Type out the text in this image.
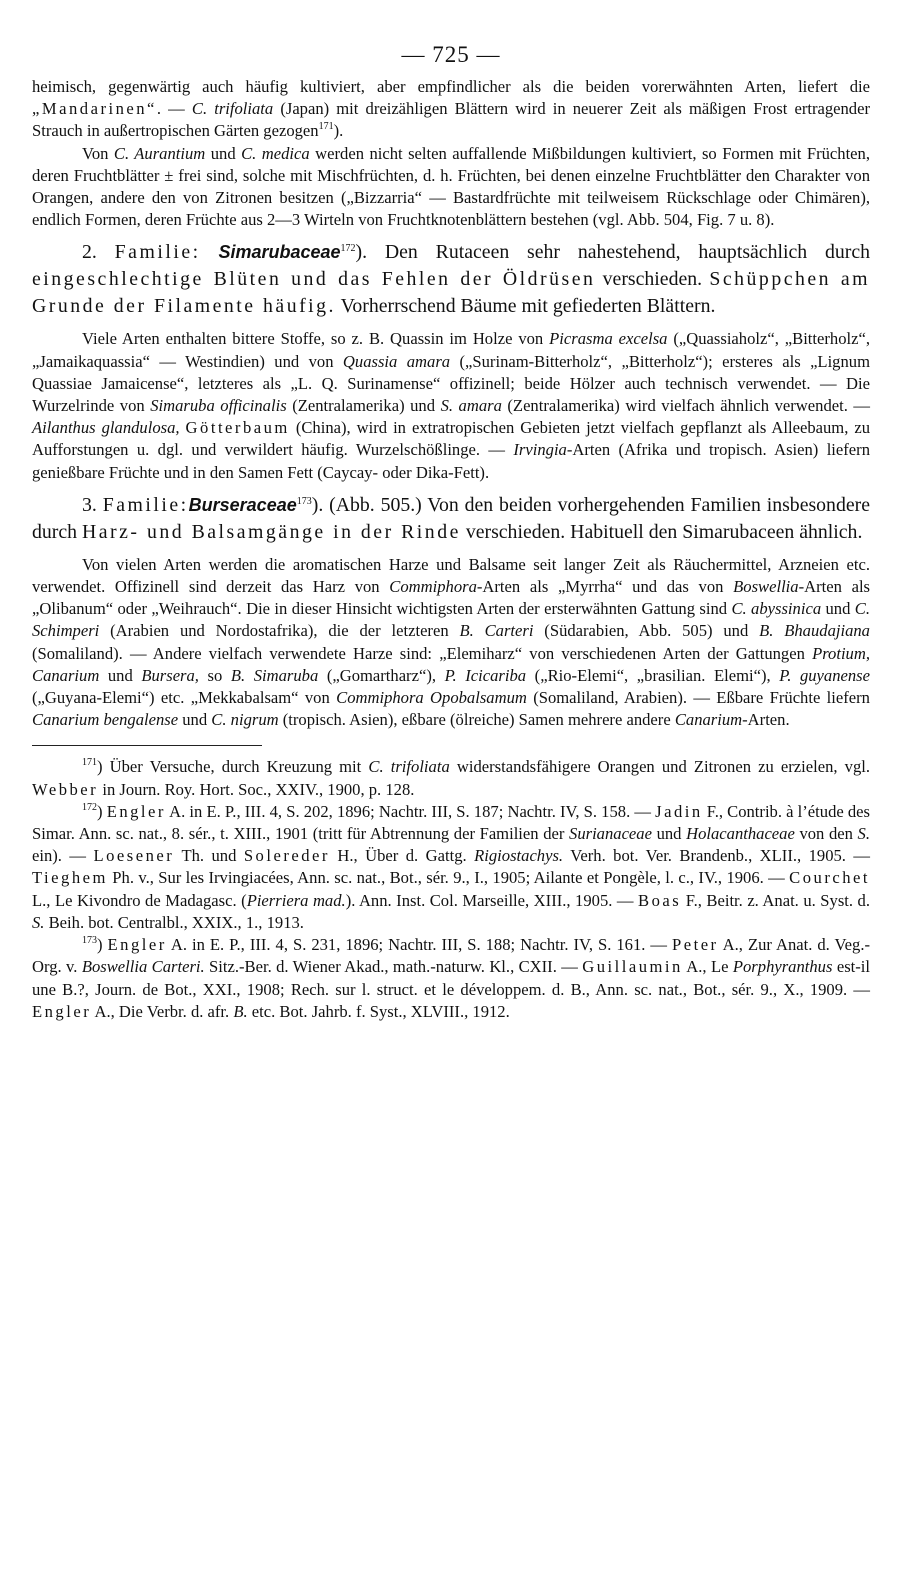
— 725 —

heimisch, gegenwärtig auch häufig kultiviert, aber empfindlicher als die beiden vorerwähnten Arten, liefert die „Mandarinen“. — C. trifoliata (Japan) mit dreizähligen Blättern wird in neuerer Zeit als mäßigen Frost ertragender Strauch in außertropischen Gärten gezogen$^{171}$).

Von C. Aurantium und C. medica werden nicht selten auffallende Mißbildungen kultiviert, so Formen mit Früchten, deren Fruchtblätter ± frei sind, solche mit Mischfrüchten, d. h. Früchten, bei denen einzelne Fruchtblätter den Charakter von Orangen, andere den von Zitronen besitzen („Bizzarria“ — Bastardfrüchte mit teilweisem Rückschlage oder Chimären), endlich Formen, deren Früchte aus 2—3 Wirteln von Fruchtknotenblättern bestehen (vgl. Abb. 504, Fig. 7 u. 8).

2. Familie: Simarubaceae$^{172}$). Den Rutaceen sehr nahestehend, hauptsächlich durch eingeschlechtige Blüten und das Fehlen der Öldrüsen verschieden. Schüppchen am Grunde der Filamente häufig. Vorherrschend Bäume mit gefiederten Blättern.

Viele Arten enthalten bittere Stoffe, so z. B. Quassin im Holze von Picrasma excelsa („Quassiaholz“, „Bitterholz“, „Jamaikaquassia“ — Westindien) und von Quassia amara („Surinam-Bitterholz“, „Bitterholz“); ersteres als „Lignum Quassiae Jamaicense“, letzteres als „L. Q. Surinamense“ offizinell; beide Hölzer auch technisch verwendet. — Die Wurzelrinde von Simaruba officinalis (Zentralamerika) und S. amara (Zentralamerika) wird vielfach ähnlich verwendet. — Ailanthus glandulosa, Götterbaum (China), wird in extratropischen Gebieten jetzt vielfach gepflanzt als Alleebaum, zu Aufforstungen u. dgl. und verwildert häufig. Wurzelschößlinge. — Irvingia-Arten (Afrika und tropisch. Asien) liefern genießbare Früchte und in den Samen Fett (Caycay- oder Dika-Fett).

3. Familie:Burseraceae$^{173}$). (Abb. 505.) Von den beiden vorhergehenden Familien insbesondere durch Harz- und Balsamgänge in der Rinde verschieden. Habituell den Simarubaceen ähnlich.

Von vielen Arten werden die aromatischen Harze und Balsame seit langer Zeit als Räuchermittel, Arzneien etc. verwendet. Offizinell sind derzeit das Harz von Commiphora-Arten als „Myrrha“ und das von Boswellia-Arten als „Olibanum“ oder „Weihrauch“. Die in dieser Hinsicht wichtigsten Arten der ersterwähnten Gattung sind C. abyssinica und C. Schimperi (Arabien und Nordostafrika), die der letzteren B. Carteri (Südarabien, Abb. 505) und B. Bhaudajiana (Somaliland). — Andere vielfach verwendete Harze sind: „Elemiharz“ von verschiedenen Arten der Gattungen Protium, Canarium und Bursera, so B. Simaruba („Gomartharz“), P. Icicariba („Rio-Elemi“, „brasilian. Elemi“), P. guyanense („Guyana-Elemi“) etc. „Mekkabalsam“ von Commiphora Opobalsamum (Somaliland, Arabien). — Eßbare Früchte liefern Canarium bengalense und C. nigrum (tropisch. Asien), eßbare (ölreiche) Samen mehrere andere Canarium-Arten.

$^{171}$) Über Versuche, durch Kreuzung mit C. trifoliata widerstandsfähigere Orangen und Zitronen zu erzielen, vgl. Webber in Journ. Roy. Hort. Soc., XXIV., 1900, p. 128.

$^{172}$) Engler A. in E. P., III. 4, S. 202, 1896; Nachtr. III, S. 187; Nachtr. IV, S. 158. — Jadin F., Contrib. à l’étude des Simar. Ann. sc. nat., 8. sér., t. XIII., 1901 (tritt für Abtrennung der Familien der Surianaceae und Holacanthaceae von den S. ein). — Loesener Th. und Solereder H., Über d. Gattg. Rigiostachys. Verh. bot. Ver. Brandenb., XLII., 1905. — Tieghem Ph. v., Sur les Irvingiacées, Ann. sc. nat., Bot., sér. 9., I., 1905; Ailante et Pongèle, l. c., IV., 1906. — Courchet L., Le Kivondro de Madagasc. (Pierriera mad.). Ann. Inst. Col. Marseille, XIII., 1905. — Boas F., Beitr. z. Anat. u. Syst. d. S. Beih. bot. Centralbl., XXIX., 1., 1913.

$^{173}$) Engler A. in E. P., III. 4, S. 231, 1896; Nachtr. III, S. 188; Nachtr. IV, S. 161. — Peter A., Zur Anat. d. Veg.-Org. v. Boswellia Carteri. Sitz.-Ber. d. Wiener Akad., math.-naturw. Kl., CXII. — Guillaumin A., Le Porphyranthus est-il une B.?, Journ. de Bot., XXI., 1908; Rech. sur l. struct. et le développem. d. B., Ann. sc. nat., Bot., sér. 9., X., 1909. — Engler A., Die Verbr. d. afr. B. etc. Bot. Jahrb. f. Syst., XLVIII., 1912.
